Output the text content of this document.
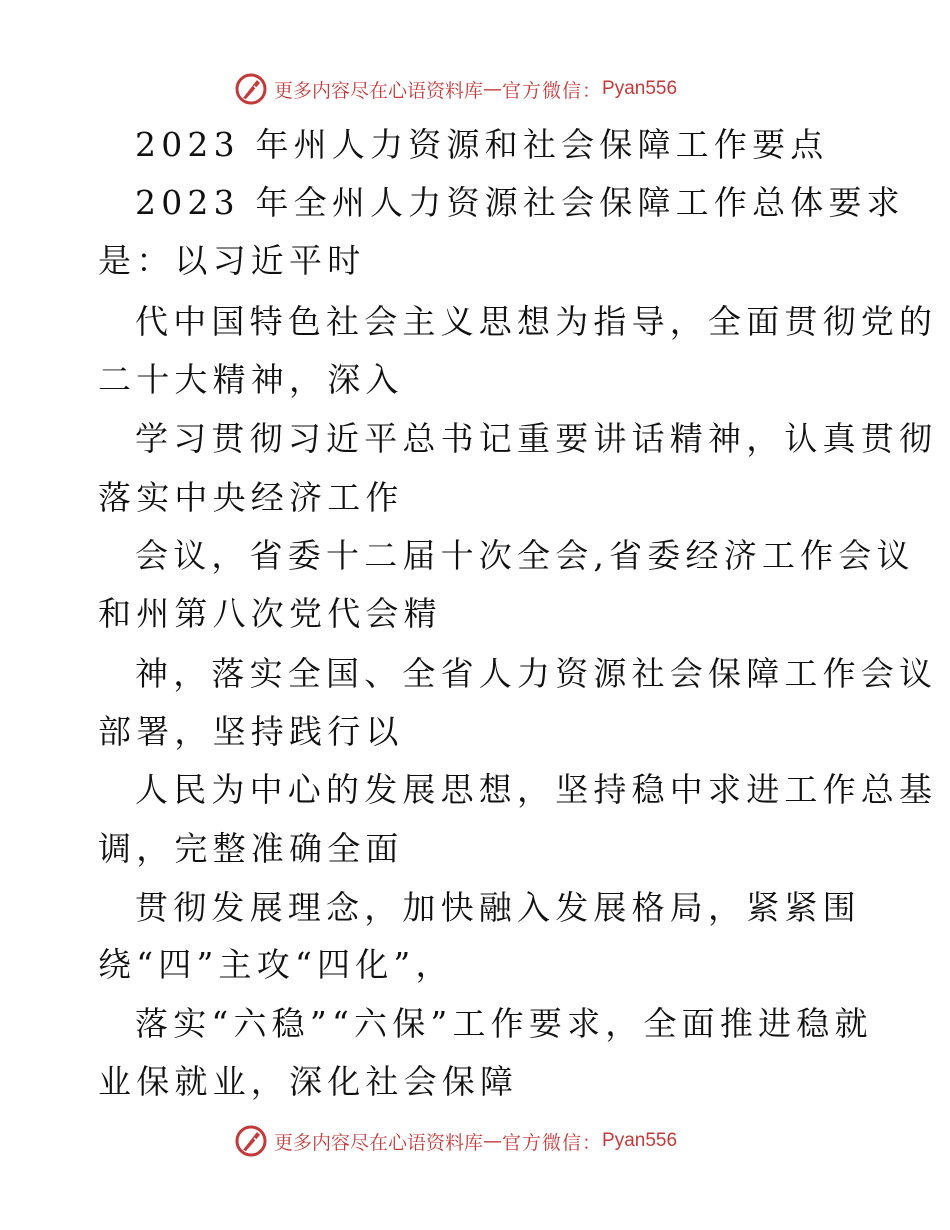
更多内容尽在心语资料库 — 官方微信： Pyan556
2023 年州人力资源和社会保障工作要点
2023 年全州人力资源社会保障工作总体要求
是：以习近平时
代中国特色社会主义思想为指导，全面贯彻党的
二十大精神，深入
学习贯彻习近平总书记重要讲话精神，认真贯彻
落实中央经济工作
会议，省委十二届十次全会,省委经济工作会议
和州第八次党代会精
神，落实全国、全省人力资源社会保障工作会议
部署，坚持践行以
人民为中心的发展思想，坚持稳中求进工作总基
调，完整准确全面
贯彻发展理念，加快融入发展格局，紧紧围
绕“四”主攻“四化”，
落实“六稳”“六保”工作要求，全面推进稳就
业保就业，深化社会保障
更多内容尽在心语资料库 — 官方微信： Pyan556
